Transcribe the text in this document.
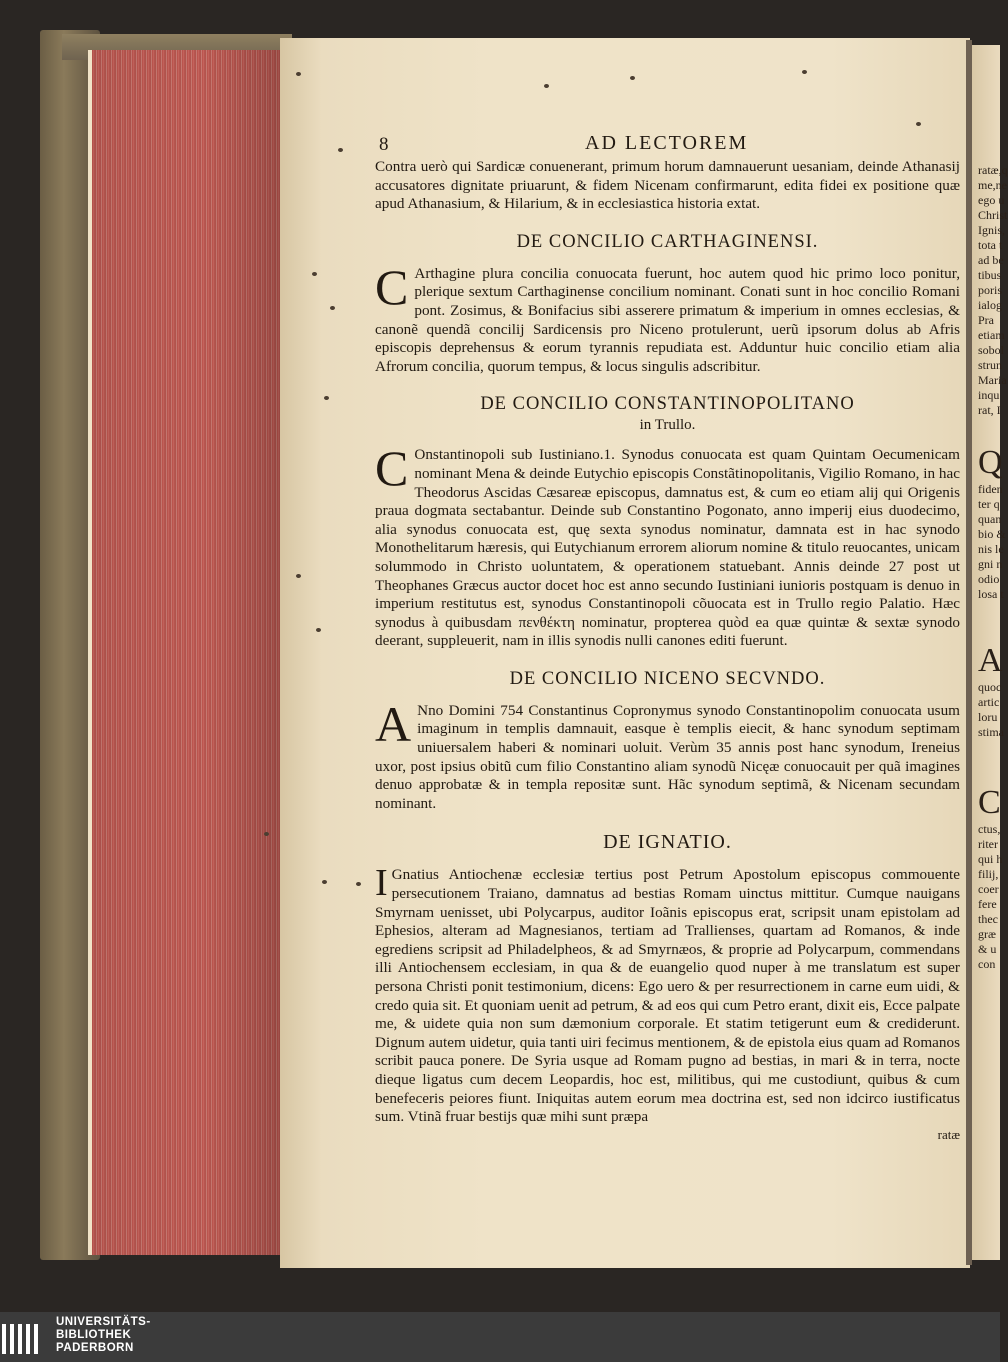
ratæ,q
me,ne
ego u
Christ
Ignis,
tota t
ad be
tibus
poris
ialog
Pra
etiam
sobol
strun
Maria
inqu
rat, I
Q
fiden
ter q
quan
bio &
nis le
gni n
odio
losa t
A
quoc
artic
loru
stima
C
ctus,
riter
qui h
filij,
coer
fere
thec
græ
& u
con
8	AD LECTOREM

Contra uerò qui Sardicæ conuenerant, primum horum damnauerunt uesaniam, deinde Athanasij accusatores dignitate priuarunt, & fidem Nicenam confirmarunt, edita fidei ex positione quæ apud Athanasium, & Hilarium, & in ecclesiastica historia extat.

DE CONCILIO CARTHAGINENSI.

C Arthagine plura concilia conuocata fuerunt, hoc autem quod hic primo loco ponitur, plerique sextum Carthaginense concilium nominant. Conati sunt in hoc concilio Romani pont. Zosimus, & Bonifacius sibi asserere primatum & imperium in omnes ecclesias, & canonẽ quendã concilij Sardicensis pro Niceno protulerunt, uerũ ipsorum dolus ab Afris episcopis deprehensus & eorum tyrannis repudiata est. Adduntur huic concilio etiam alia Afrorum concilia, quorum tempus, & locus singulis adscribitur.

DE CONCILIO CONSTANTINOPOLITANO
in Trullo.

C Onstantinopoli sub Iustiniano.1. Synodus conuocata est quam Quintam Oecumenicam nominant Mena & deinde Eutychio episcopis Constãtinopolitanis, Vigilio Romano, in hac Theodorus Ascidas Cæsareæ episcopus, damnatus est, & cum eo etiam alij qui Origenis praua dogmata sectabantur. Deinde sub Constantino Pogonato, anno imperij eius duodecimo, alia synodus conuocata est, quę sexta synodus nominatur, damnata est in hac synodo Monothelitarum hæresis, qui Eutychianum errorem aliorum nomine & titulo reuocantes, unicam solummodo in Christo uoluntatem, & operationem statuebant. Annis deinde 27 post ut Theophanes Græcus auctor docet hoc est anno secundo Iustiniani iunioris postquam is denuo in imperium restitutus est, synodus Constantinopoli cõuocata est in Trullo regio Palatio. Hæc synodus à quibusdam πενθέκτη nominatur, propterea quòd ea quæ quintæ & sextæ synodo deerant, suppleuerit, nam in illis synodis nulli canones editi fuerunt.

DE CONCILIO NICENO SECVNDO.

A Nno Domini 754 Constantinus Copronymus synodo Constantinopolim conuocata usum imaginum in templis damnauit, easque è templis eiecit, & hanc synodum septimam uniuersalem haberi & nominari uoluit. Verùm 35 annis post hanc synodum, Ireneius uxor, post ipsius obitũ cum filio Constantino aliam synodũ Nicęæ conuocauit per quã imagines denuo approbatæ & in templa repositæ sunt. Hãc synodum septimã, & Nicenam secundam nominant.

DE IGNATIO.

I Gnatius Antiochenæ ecclesiæ tertius post Petrum Apostolum episcopus commouente persecutionem Traiano, damnatus ad bestias Romam uinctus mittitur. Cumque nauigans Smyrnam uenisset, ubi Polycarpus, auditor Ioãnis episcopus erat, scripsit unam epistolam ad Ephesios, alteram ad Magnesianos, tertiam ad Trallienses, quartam ad Romanos, & inde egrediens scripsit ad Philadelpheos, & ad Smyrnæos, & proprie ad Polycarpum, commendans illi Antiochensem ecclesiam, in qua & de euangelio quod nuper à me translatum est super persona Christi ponit testimonium, dicens: Ego uero & per resurrectionem in carne eum uidi, & credo quia sit. Et quoniam uenit ad petrum, & ad eos qui cum Petro erant, dixit eis, Ecce palpate me, & uidete quia non sum dæmonium corporale. Et statim tetigerunt eum & crediderunt. Dignum autem uidetur, quia tanti uiri fecimus mentionem, & de epistola eius quam ad Romanos scribit pauca ponere. De Syria usque ad Romam pugno ad bestias, in mari & in terra, nocte dieque ligatus cum decem Leopardis, hoc est, militibus, qui me custodiunt, quibus & cum benefeceris peiores fiunt. Iniquitas autem eorum mea doctrina est, sed non idcirco iustificatus sum. Vtinã fruar bestijs quæ mihi sunt præpa

ratæ
UNIVERSITÄTS-
BIBLIOTHEK
PADERBORN
